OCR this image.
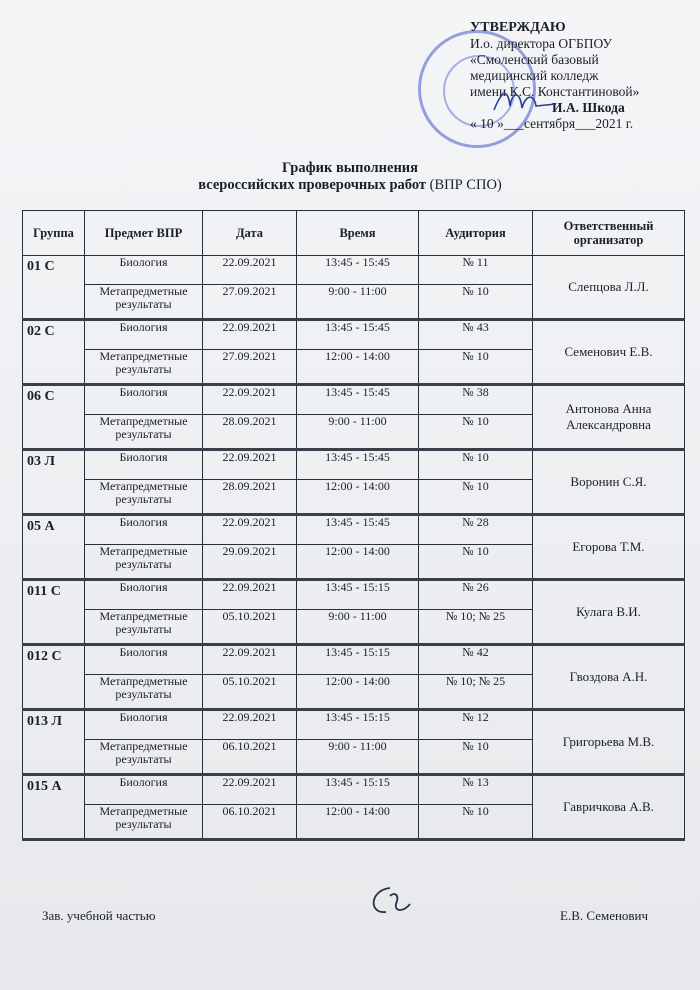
УТВЕРЖДАЮ
И.о. директора ОГБПОУ
«Смоленский базовый
медицинский колледж
имени К.С. Константиновой»
И.А. Шкода
« 10 »___сентября___2021 г.
График выполнения
всероссийских проверочных работ (ВПР СПО)
Группа	Предмет ВПР	Дата	Время	Аудитория	Ответственный организатор
01 С	Биология	22.09.2021	13:45 - 15:45	№ 11	Слепцова Л.Л.
	Метапредметные результаты	27.09.2021	9:00 - 11:00	№ 10	
02 С	Биология	22.09.2021	13:45 - 15:45	№ 43	Семенович Е.В.
	Метапредметные результаты	27.09.2021	12:00 - 14:00	№ 10	
06 С	Биология	22.09.2021	13:45 - 15:45	№ 38	Антонова Анна Александровна
	Метапредметные результаты	28.09.2021	9:00 - 11:00	№ 10	
03 Л	Биология	22.09.2021	13:45 - 15:45	№ 10	Воронин С.Я.
	Метапредметные результаты	28.09.2021	12:00 - 14:00	№ 10	
05 А	Биология	22.09.2021	13:45 - 15:45	№ 28	Егорова Т.М.
	Метапредметные результаты	29.09.2021	12:00 - 14:00	№ 10	
011 С	Биология	22.09.2021	13:45 - 15:15	№ 26	Кулага В.И.
	Метапредметные результаты	05.10.2021	9:00 - 11:00	№ 10; № 25	
012 С	Биология	22.09.2021	13:45 - 15:15	№ 42	Гвоздова А.Н.
	Метапредметные результаты	05.10.2021	12:00 - 14:00	№ 10; № 25	
013 Л	Биология	22.09.2021	13:45 - 15:15	№ 12	Григорьева М.В.
	Метапредметные результаты	06.10.2021	9:00 - 11:00	№ 10	
015 А	Биология	22.09.2021	13:45 - 15:15	№ 13	Гавричкова А.В.
	Метапредметные результаты	06.10.2021	12:00 - 14:00	№ 10	
Зав. учебной частью	Е.В. Семенович
